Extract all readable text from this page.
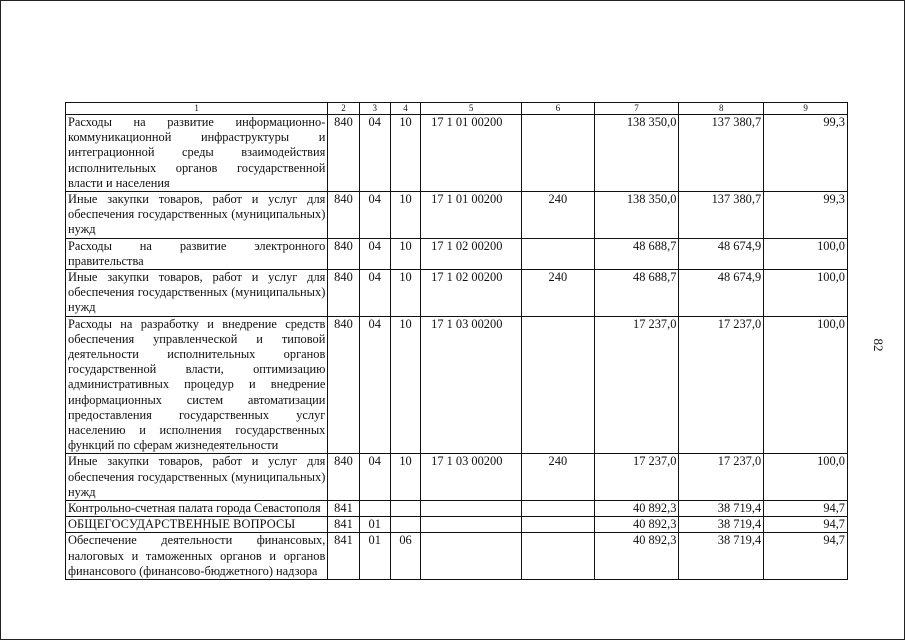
1	2	3	4	5	6	7	8	9
Расходы на развитие информационно-коммуникационной инфраструктуры и интеграционной среды взаимодействия исполнительных органов государственной власти и населения	840	04	10	17 1 01 00200		138 350,0	137 380,7	99,3
Иные закупки товаров, работ и услуг для обеспечения государственных (муниципальных) нужд	840	04	10	17 1 01 00200	240	138 350,0	137 380,7	99,3
Расходы на развитие электронного правительства	840	04	10	17 1 02 00200		48 688,7	48 674,9	100,0
Иные закупки товаров, работ и услуг для обеспечения государственных (муниципальных) нужд	840	04	10	17 1 02 00200	240	48 688,7	48 674,9	100,0
Расходы на разработку и внедрение средств обеспечения управленческой и типовой деятельности исполнительных органов государственной власти, оптимизацию административных процедур и внедрение информационных систем автоматизации предоставления государственных услуг населению и исполнения государственных функций по сферам жизнедеятельности	840	04	10	17 1 03 00200		17 237,0	17 237,0	100,0
Иные закупки товаров, работ и услуг для обеспечения государственных (муниципальных) нужд	840	04	10	17 1 03 00200	240	17 237,0	17 237,0	100,0
Контрольно-счетная палата города Севастополя	841					40 892,3	38 719,4	94,7
ОБЩЕГОСУДАРСТВЕННЫЕ ВОПРОСЫ	841	01				40 892,3	38 719,4	94,7
Обеспечение деятельности финансовых, налоговых и таможенных органов и органов финансового (финансово-бюджетного) надзора	841	01	06			40 892,3	38 719,4	94,7
82
